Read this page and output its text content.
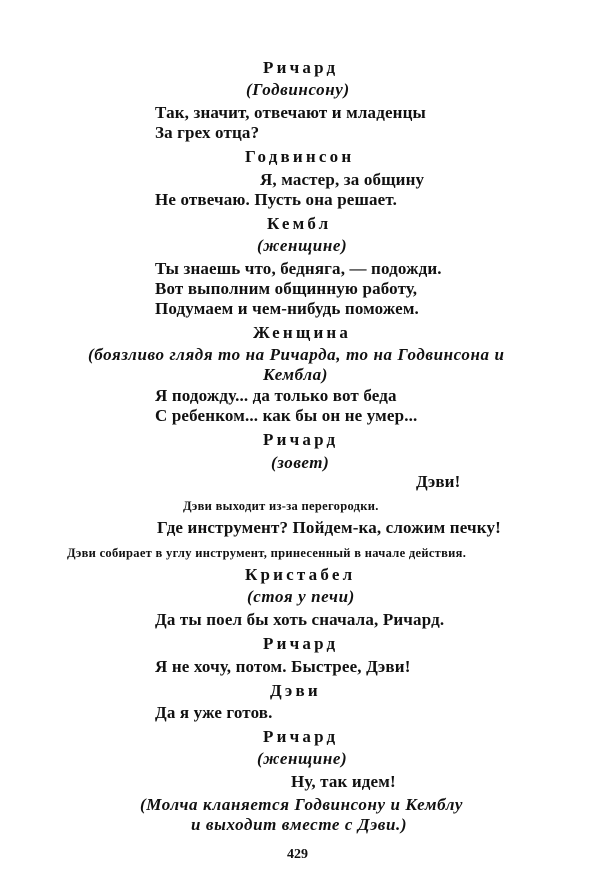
Ричард
(Годвинсону)
Так, значит, отвечают и младенцы
За грех отца?
Годвинсон
Я, мастер, за общину
Не отвечаю. Пусть она решает.
Кембл
(женщине)
Ты знаешь что, бедняга, — подожди.
Вот выполним общинную работу,
Подумаем и чем-нибудь поможем.
Женщина
(боязливо глядя то на Ричарда, то на Годвинсона и
Кембла)
Я подожду... да только вот беда
С ребенком... как бы он не умер...
Ричард
(зовет)
Дэви!
Дэви выходит из-за перегородки.
Где инструмент? Пойдем-ка, сложим печку!
Дэви собирает в углу инструмент, принесенный в начале действия.
Кристабел
(стоя у печи)
Да ты поел бы хоть сначала, Ричард.
Ричард
Я не хочу, потом. Быстрее, Дэви!
Дэви
Да я уже готов.
Ричард
(женщине)
Ну, так идем!
(Молча кланяется Годвинсону и Кемблу
и выходит вместе с Дэви.)
429
